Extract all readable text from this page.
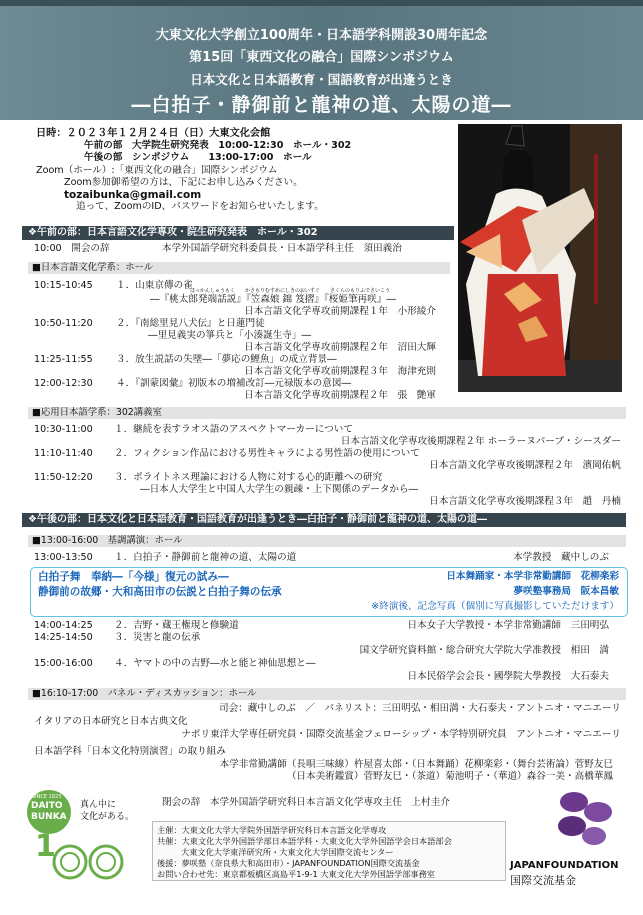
大東文化大学創立100周年・日本語学科開設30周年記念
第15回「東西文化の融合」国際シンポジウム
日本文化と日本語教育・国語教育が出逢うとき
―白拍子・静御前と龍神の道、太陽の道―
日時：２０２３年１２月２４日（日）大東文化会館
午前の部　大学院生研究発表　10:00-12:30　ホール・302
午後の部　シンポジウム　　13:00-17:00　ホール
Zoom（ホール）:「東西文化の融合」国際シンポジウム
Zoom参加御希望の方は、下記にお申し込みください。
tozaibunka@gmail.com
追って、ZoomのID、パスワードをお知らせいたします。
❖午前の部：日本言語文化学専攻・院生研究発表　ホール・302
10:00　開会の辞	本学外国語学研究科委員長・日本語学科主任　須田義治
■日本言語文化学系：ホール
10:15-10:45 １．山東京傳の雀
ほっかんしゅうもく　　かさもりむすめにしきのおいすぐ　　さくらのもりふでさいこう
―『桃太郎発端話説』『笠森娘 錦 笈摺』『桜姫筆再咲』―
日本言語文化学専攻前期課程１年　小形綾介
10:50-11:20 ２．『南総里見八犬伝』と日蓮門徒
―里見義実の箏兵と「小湊誕生寺」―
日本言語文化学専攻前期課程２年　沼田大輝
11:25-11:55 ３．放生説話の失墜―「夢応の鯉魚」の成立背景―
日本言語文化学専攻前期課程３年　海津充則
12:00-12:30 ４．『訓蒙図彙』初版本の増補改訂―元禄版本の意図―
日本言語文化学専攻前期課程２年　張　艶軍
■応用日本語学系：302講義室
10:30-11:00 １．継続を表すラオス語のアスペクトマーカーについて
日本言語文化学専攻後期課程２年 ホーラーヌパーブ・シースダー
11:10-11:40 ２．フィクション作品における男性キャラによる男性語の使用について
日本言語文化学専攻後期課程２年　濱岡佑帆
11:50-12:20 ３．ポライトネス理論における人物に対する心的距離への研究
―日本人大学生と中国人大学生の親疎・上下関係のデータから―
日本言語文化学専攻後期課程３年　趙　丹楠
❖午後の部：日本文化と日本語教育・国語教育が出逢うとき―白拍子・静御前と龍神の道、太陽の道―
■13:00-16:00　基調講演：ホール
13:00-13:50 １．白拍子・静御前と龍神の道、太陽の道	本学教授　藏中しのぶ
白拍子舞　奉納―「今様」復元の試み―	日本舞踊家・本学非常勤講師　花柳楽彩
静御前の故郷・大和高田市の伝説と白拍子舞の伝承	夢咲塾事務局　阪本昌敏
※終演後、記念写真（個別に写真撮影していただけます）
14:00-14:25 ２．吉野・蔵王権現と修験道	日本女子大学教授・本学非常勤講師　三田明弘
14:25-14:50 ３．災害と龍の伝承
国文学研究資料館・総合研究大学院大学准教授　相田　満
15:00-16:00 ４．ヤマトの中の吉野―水と能と神仙思想と―
日本民俗学会会長・國學院大學教授　大石泰夫
■16:10-17:00　パネル・ディスカッション：ホール
司会：藏中しのぶ　／　パネリスト：三田明弘・相田満・大石泰夫・アントニオ・マニエーリ
イタリアの日本研究と日本古典文化
ナポリ東洋大学専任研究員・国際交流基金フェローシップ・本学特別研究員　アントニオ・マニエーリ
日本語学科「日本文化特別演習」の取り組み
本学非常勤講師（長唄三味線）杵屋喜太郎・（日本舞踊）花柳楽彩・（舞台芸術論）菅野友巳
（日本美術鑑賞）菅野友巳・（茶道）菊池明子・（華道）森谷一美・高橋華鳳
閉会の辞　本学外国語学研究科日本言語文化学専攻主任　上村圭介
1
SINCE 1923
DAITO
BUNKA
真ん中に
文化がある。
主催：大東文化大学大学院外国語学研究科日本言語文化学専攻
共催：大東文化大学外国語学部日本語学科・大東文化大学外国語学会日本語部会
大東文化大学東洋研究所・大東文化大学国際交流センター
後援：夢咲塾（奈良県大和高田市）・JAPANFOUNDATION国際交流基金
お問い合わせ先：東京都板橋区高島平1-9-1 大東文化大学外国語学部事務室
JAPANFOUNDATION
国際交流基金
